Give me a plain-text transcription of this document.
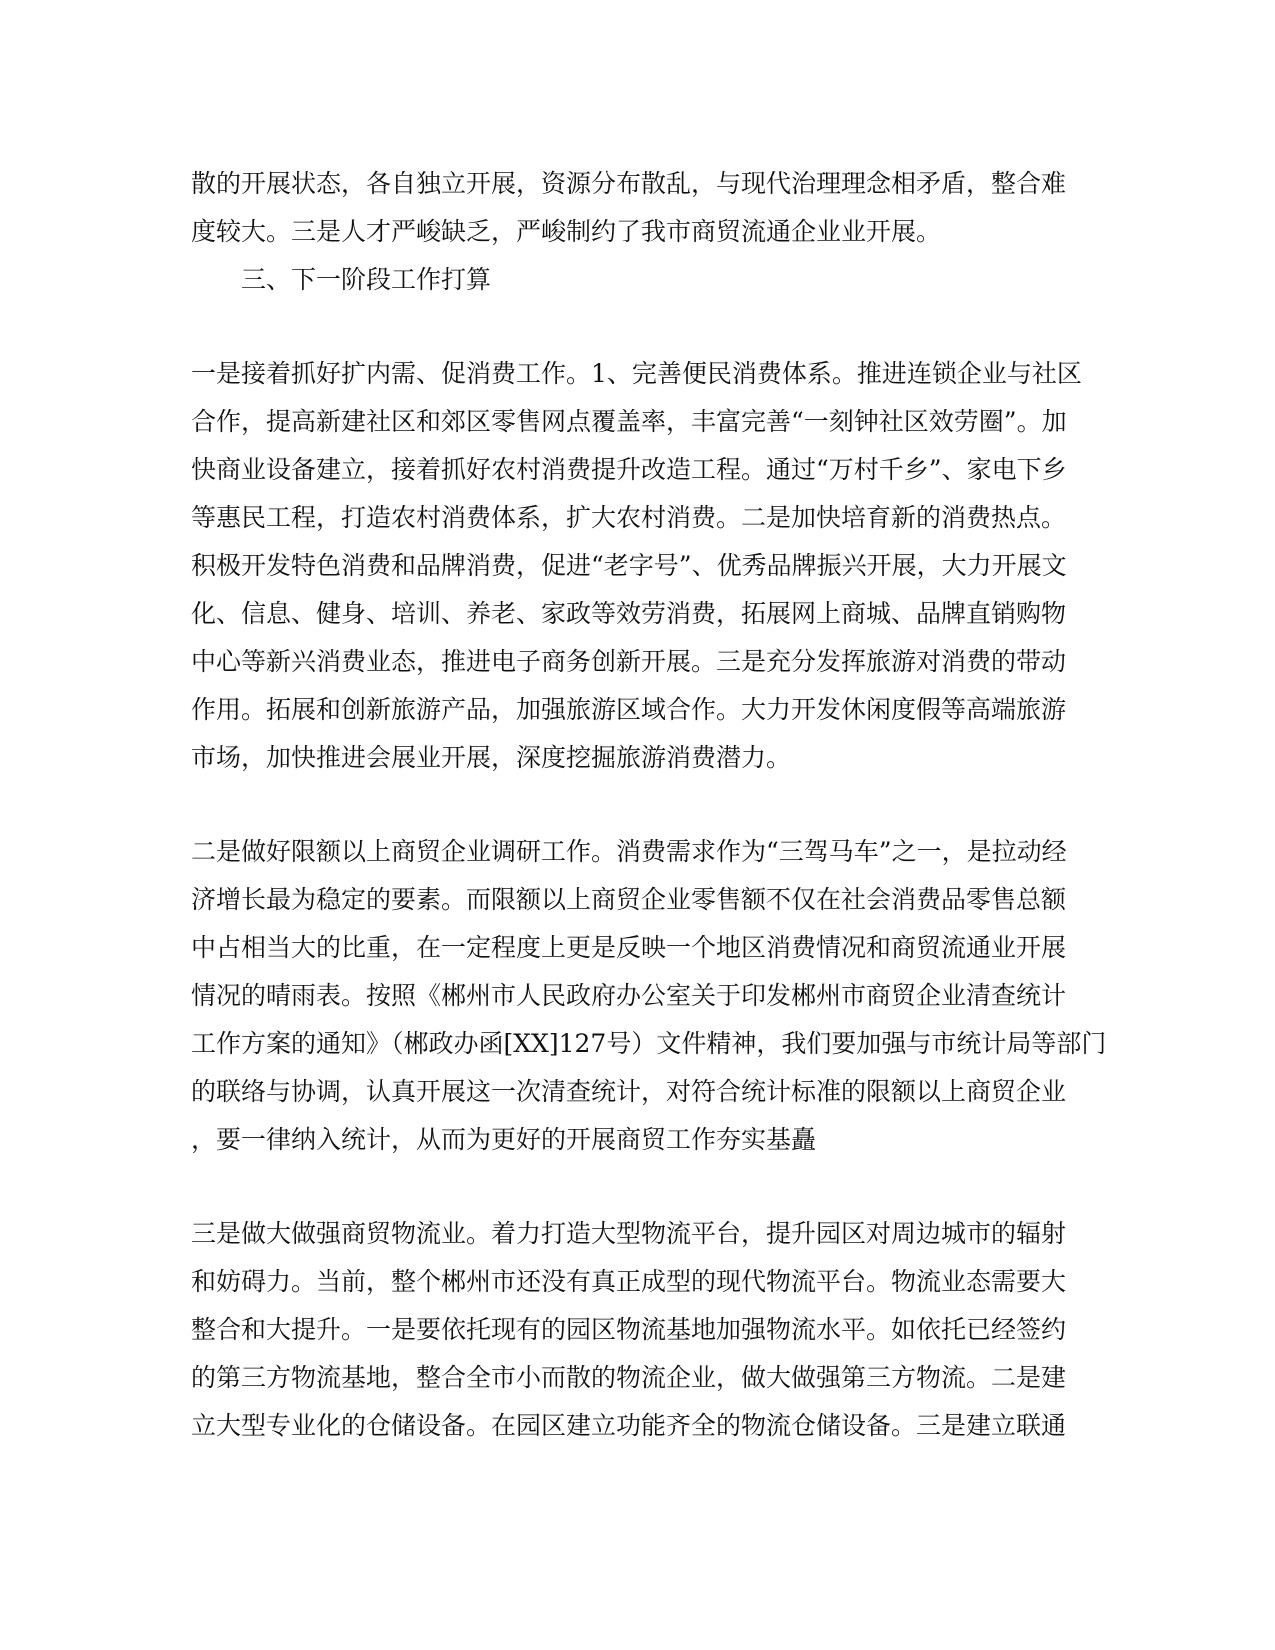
散的开展状态，各自独立开展，资源分布散乱，与现代治理理念相矛盾，整合难
度较大。三是人才严峻缺乏，严峻制约了我市商贸流通企业业开展。
三、下一阶段工作打算
一是接着抓好扩内需、促消费工作。1、完善便民消费体系。推进连锁企业与社区
合作，提高新建社区和郊区零售网点覆盖率，丰富完善“一刻钟社区效劳圈”。加
快商业设备建立，接着抓好农村消费提升改造工程。通过“万村千乡”、家电下乡
等惠民工程，打造农村消费体系，扩大农村消费。二是加快培育新的消费热点。
积极开发特色消费和品牌消费，促进“老字号”、优秀品牌振兴开展，大力开展文
化、信息、健身、培训、养老、家政等效劳消费，拓展网上商城、品牌直销购物
中心等新兴消费业态，推进电子商务创新开展。三是充分发挥旅游对消费的带动
作用。拓展和创新旅游产品，加强旅游区域合作。大力开发休闲度假等高端旅游
市场，加快推进会展业开展，深度挖掘旅游消费潜力。
二是做好限额以上商贸企业调研工作。消费需求作为“三驾马车”之一，是拉动经
济增长最为稳定的要素。而限额以上商贸企业零售额不仅在社会消费品零售总额
中占相当大的比重，在一定程度上更是反映一个地区消费情况和商贸流通业开展
情况的晴雨表。按照《郴州市人民政府办公室关于印发郴州市商贸企业清查统计
工作方案的通知》（郴政办函[XX]127号）文件精神，我们要加强与市统计局等部门
的联络与协调，认真开展这一次清查统计，对符合统计标准的限额以上商贸企业
，要一律纳入统计，从而为更好的开展商贸工作夯实基矗
三是做大做强商贸物流业。着力打造大型物流平台，提升园区对周边城市的辐射
和妨碍力。当前，整个郴州市还没有真正成型的现代物流平台。物流业态需要大
整合和大提升。一是要依托现有的园区物流基地加强物流水平。如依托已经签约
的第三方物流基地，整合全市小而散的物流企业，做大做强第三方物流。二是建
立大型专业化的仓储设备。在园区建立功能齐全的物流仓储设备。三是建立联通
